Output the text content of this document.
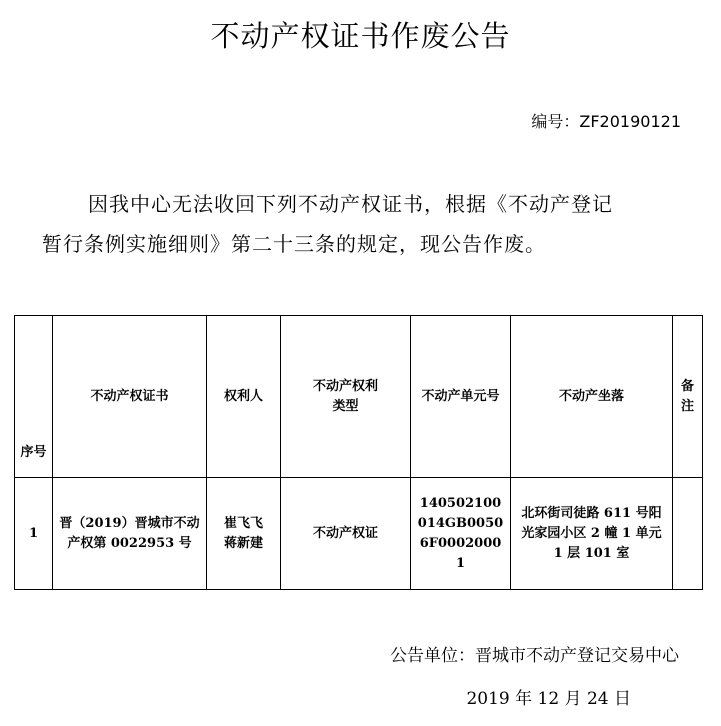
不动产权证书作废公告
编号：ZF20190121
因我中心无法收回下列不动产权证书，根据《不动产登记
暂行条例实施细则》第二十三条的规定，现公告作废。
序号	不动产权证书	权利人	不动产权利类型	不动产单元号	不动产坐落	备注
1	晋（2019）晋城市不动产权第 0022953 号	崔飞飞蒋新建	不动产权证	140502100014GB00506F00020001	北环街司徒路 611 号阳光家园小区 2 幢 1 单元 1 层 101 室	
公告单位：晋城市不动产登记交易中心
2019 年 12 月 24 日
